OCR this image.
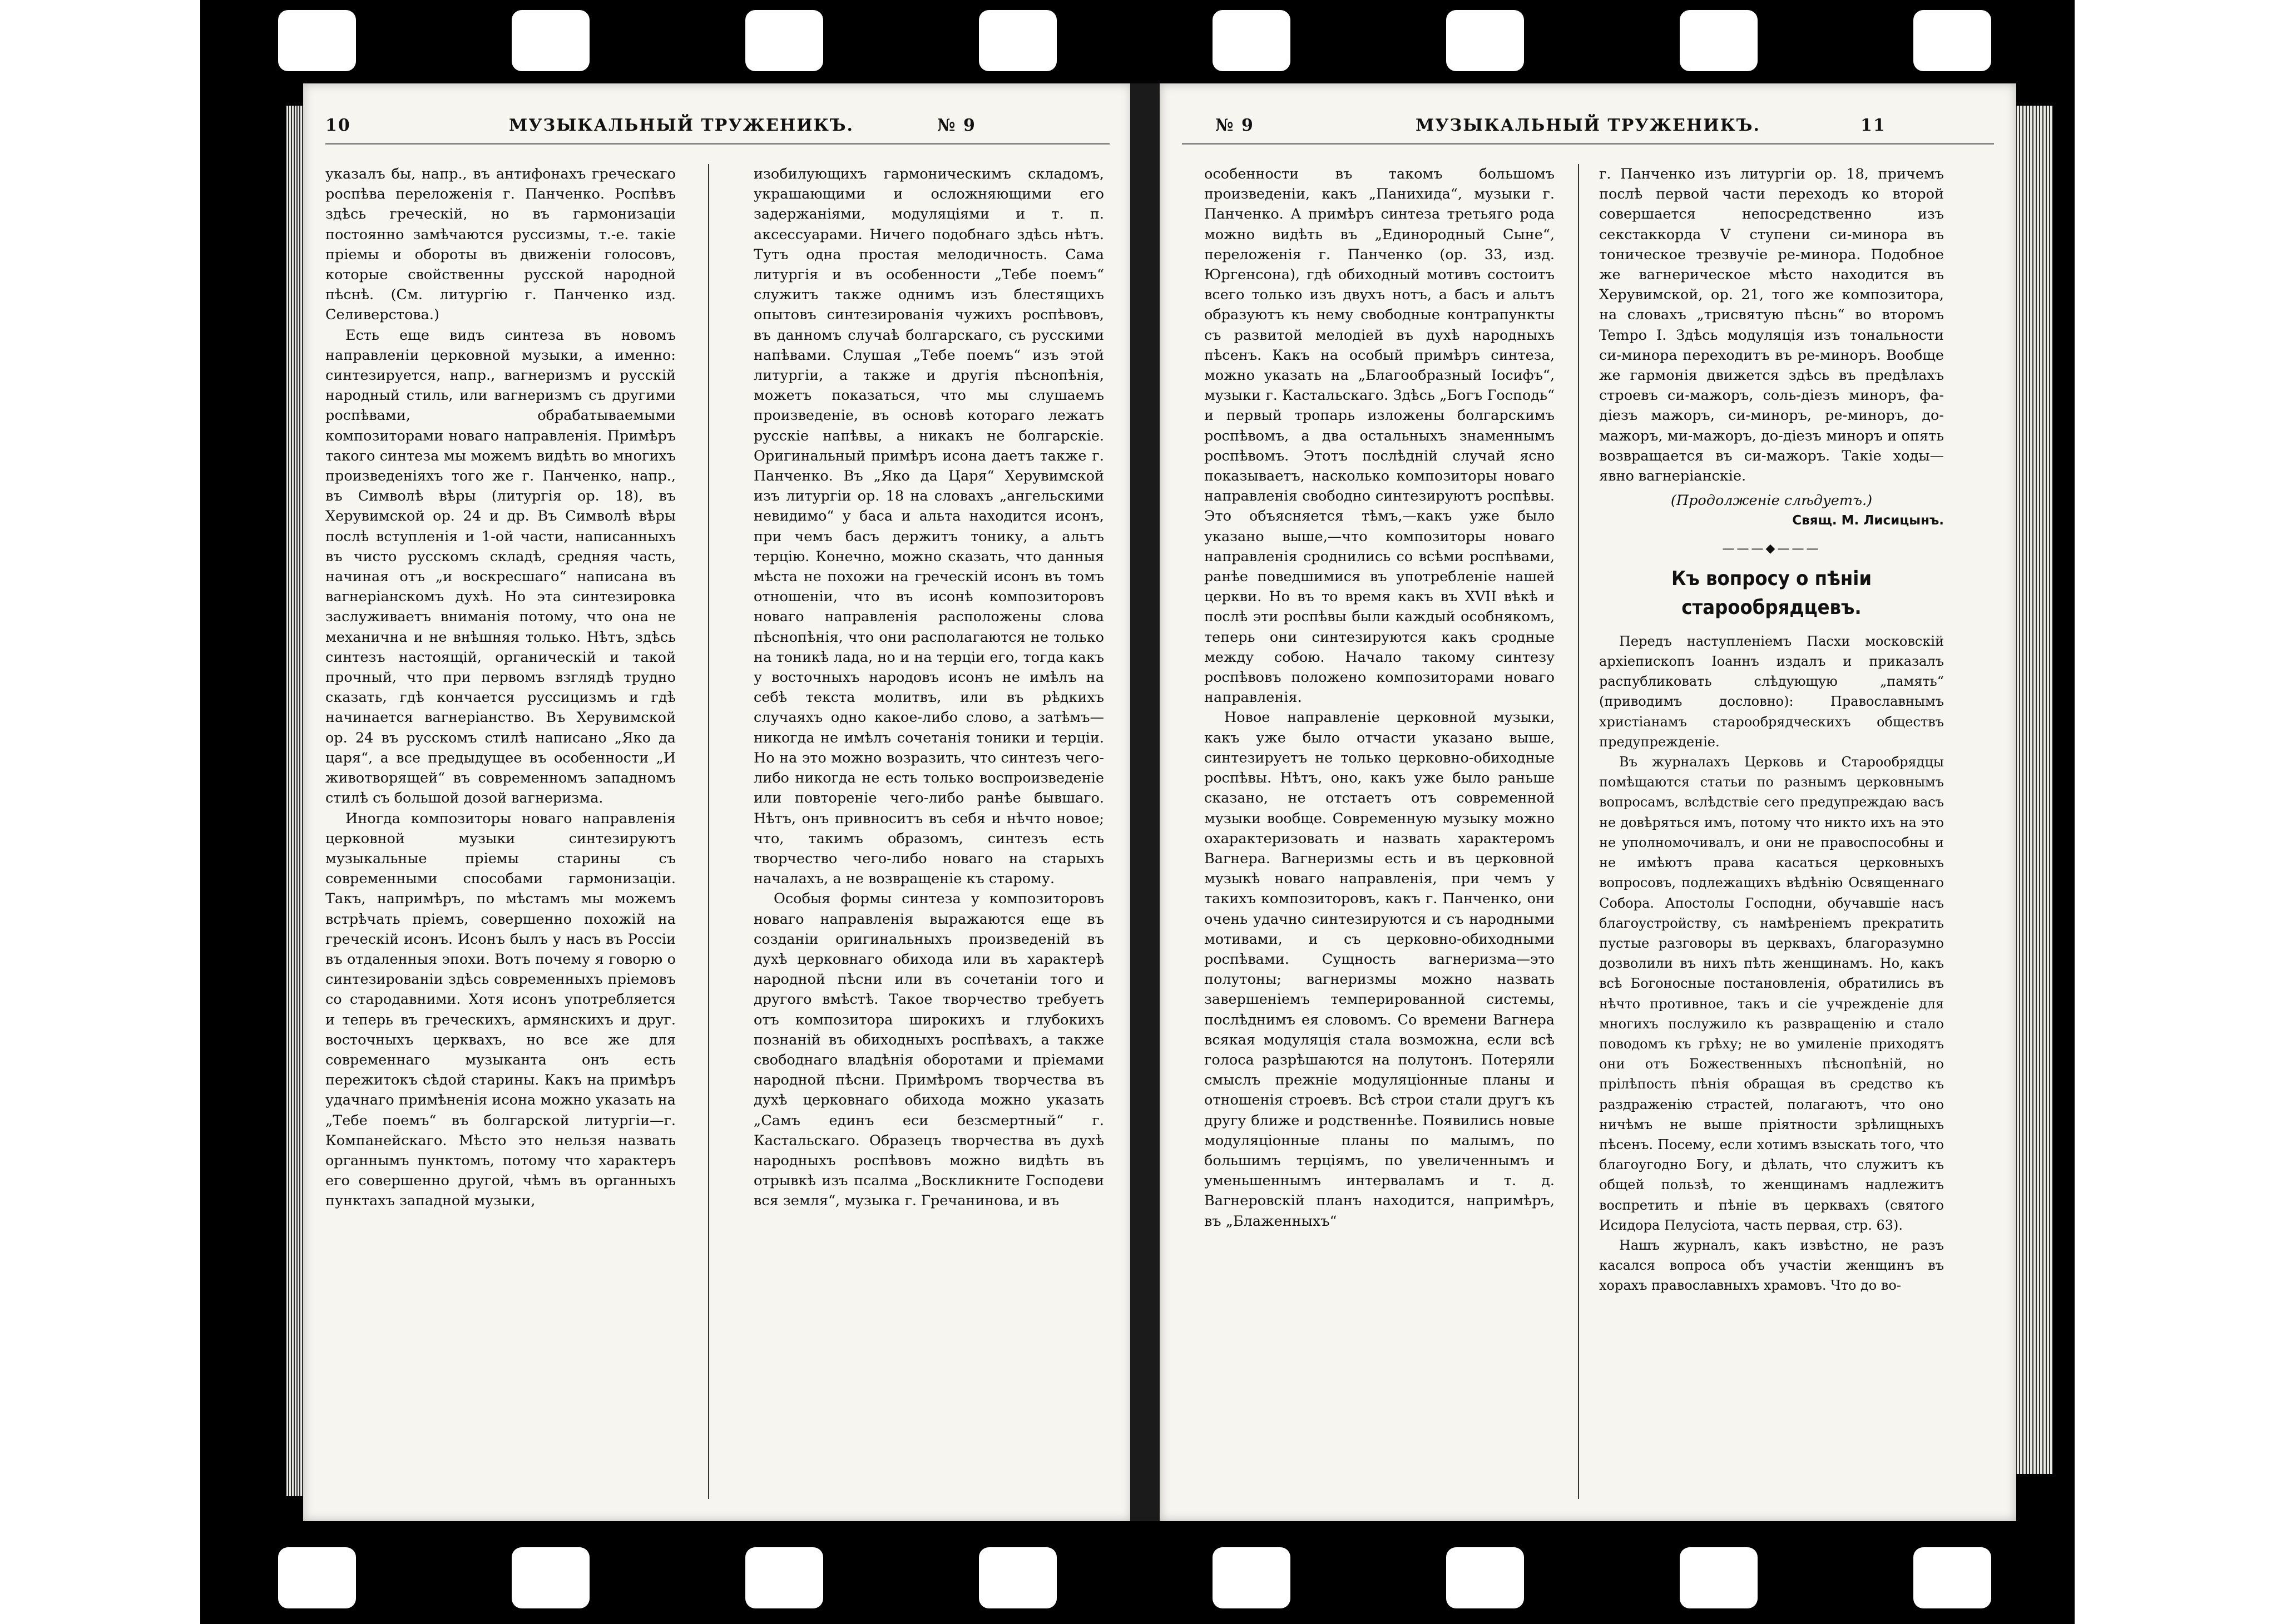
10	МУЗЫКАЛЬНЫЙ ТРУЖЕНИКЪ.	№ 9

указалъ бы, напр., въ антифонахъ греческаго роспѣва переложенія г. Панченко. Роспѣвъ здѣсь греческій, но въ гармонизаціи постоянно замѣчаются руссизмы, т.-е. такіе пріемы и обороты въ движеніи голосовъ, которые свойственны русской народной пѣснѣ. (См. литургію г. Панченко изд. Селиверстова.)

Есть еще видъ синтеза въ новомъ направленіи церковной музыки, а именно: синтезируется, напр., вагнеризмъ и русскій народный стиль, или вагнеризмъ съ другими роспѣвами, обрабатываемыми композиторами новаго направленія. Примѣръ такого синтеза мы можемъ видѣть во многихъ произведеніяхъ того же г. Панченко, напр., въ Символѣ вѣры (литургія ор. 18), въ Херувимской ор. 24 и др. Въ Символѣ вѣры послѣ вступленія и 1-ой части, написанныхъ въ чисто русскомъ складѣ, средняя часть, начиная отъ „и воскресшаго“ написана въ вагнеріанскомъ духѣ. Но эта синтезировка заслуживаетъ вниманія потому, что она не механична и не внѣшняя только. Нѣтъ, здѣсь синтезъ настоящій, органическій и такой прочный, что при первомъ взглядѣ трудно сказать, гдѣ кончается руссицизмъ и гдѣ начинается вагнеріанство. Въ Херувимской ор. 24 въ русскомъ стилѣ написано „Яко да царя“, а все предыдущее въ особенности „И животворящей“ въ современномъ западномъ стилѣ съ большой дозой вагнеризма.

Иногда композиторы новаго направленія церковной музыки синтезируютъ музыкальные пріемы старины съ современными способами гармонизаціи. Такъ, напримѣръ, по мѣстамъ мы можемъ встрѣчать пріемъ, совершенно похожій на греческій исонъ. Исонъ былъ у насъ въ Россіи въ отдаленныя эпохи. Вотъ почему я говорю о синтезированіи здѣсь современныхъ пріемовъ со стародавними. Хотя исонъ употребляется и теперь въ греческихъ, армянскихъ и друг. восточныхъ церквахъ, но все же для современнаго музыканта онъ есть пережитокъ сѣдой старины. Какъ на примѣръ удачнаго примѣненія исона можно указать на „Тебе поемъ“ въ болгарской литургіи—г. Компанейскаго. Мѣсто это нельзя назвать органнымъ пунктомъ, потому что характеръ его совершенно другой, чѣмъ въ органныхъ пунктахъ западной музыки,

изобилующихъ гармоническимъ складомъ, украшающими и осложняющими его задержаніями, модуляціями и т. п. аксессуарами. Ничего подобнаго здѣсь нѣтъ. Тутъ одна простая мелодичность. Сама литургія и въ особенности „Тебе поемъ“ служитъ также однимъ изъ блестящихъ опытовъ синтезированія чужихъ роспѣвовъ, въ данномъ случаѣ болгарскаго, съ русскими напѣвами. Слушая „Тебе поемъ“ изъ этой литургіи, а также и другія пѣснопѣнія, можетъ показаться, что мы слушаемъ произведеніе, въ основѣ котораго лежатъ русскіе напѣвы, а никакъ не болгарскіе. Оригинальный примѣръ исона даетъ также г. Панченко. Въ „Яко да Царя“ Херувимской изъ литургіи ор. 18 на словахъ „ангельскими невидимо“ у баса и альта находится исонъ, при чемъ басъ держитъ тонику, а альтъ терцію. Конечно, можно сказать, что данныя мѣста не похожи на греческій исонъ въ томъ отношеніи, что въ исонѣ композиторовъ новаго направленія расположены слова пѣснопѣнія, что они располагаются не только на тоникѣ лада, но и на терціи его, тогда какъ у восточныхъ народовъ исонъ не имѣлъ на себѣ текста молитвъ, или въ рѣдкихъ случаяхъ одно какое-либо слово, а затѣмъ—никогда не имѣлъ сочетанія тоники и терціи. Но на это можно возразить, что синтезъ чего-либо никогда не есть только воспроизведеніе или повтореніе чего-либо ранѣе бывшаго. Нѣтъ, онъ привноситъ въ себя и нѣчто новое; что, такимъ образомъ, синтезъ есть творчество чего-либо новаго на старыхъ началахъ, а не возвращеніе къ старому.

Особыя формы синтеза у композиторовъ новаго направленія выражаются еще въ созданіи оригинальныхъ произведеній въ духѣ церковнаго обихода или въ характерѣ народной пѣсни или въ сочетаніи того и другого вмѣстѣ. Такое творчество требуетъ отъ композитора широкихъ и глубокихъ познаній въ обиходныхъ роспѣвахъ, а также свободнаго владѣнія оборотами и пріемами народной пѣсни. Примѣромъ творчества въ духѣ церковнаго обихода можно указать „Самъ единъ еси безсмертный“ г. Кастальскаго. Образецъ творчества въ духѣ народныхъ роспѣвовъ можно видѣть въ отрывкѣ изъ псалма „Воскликните Господеви вся земля“, музыка г. Гречанинова, и въ

№ 9	МУЗЫКАЛЬНЫЙ ТРУЖЕНИКЪ.	11

особенности въ такомъ большомъ произведеніи, какъ „Панихида“, музыки г. Панченко. А примѣръ синтеза третьяго рода можно видѣть въ „Единородный Сыне“, переложенія г. Панченко (ор. 33, изд. Юргенсона), гдѣ обиходный мотивъ состоитъ всего только изъ двухъ нотъ, а басъ и альтъ образуютъ къ нему свободные контрапункты съ развитой мелодіей въ духѣ народныхъ пѣсенъ. Какъ на особый примѣръ синтеза, можно указать на „Благообразный Іосифъ“, музыки г. Кастальскаго. Здѣсь „Богъ Господь“ и первый тропарь изложены болгарскимъ роспѣвомъ, а два остальныхъ знаменнымъ роспѣвомъ. Этотъ послѣдній случай ясно показываетъ, насколько композиторы новаго направленія свободно синтезируютъ роспѣвы. Это объясняется тѣмъ,—какъ уже было указано выше,—что композиторы новаго направленія сроднились со всѣми роспѣвами, ранѣе поведшимися въ употребленіе нашей церкви. Но въ то время какъ въ XVII вѣкѣ и послѣ эти роспѣвы были каждый особнякомъ, теперь они синтезируются какъ сродные между собою. Начало такому синтезу роспѣвовъ положено композиторами новаго направленія.

Новое направленіе церковной музыки, какъ уже было отчасти указано выше, синтезируетъ не только церковно-обиходные роспѣвы. Нѣтъ, оно, какъ уже было раньше сказано, не отстаетъ отъ современной музыки вообще. Современную музыку можно охарактеризовать и назвать характеромъ Вагнера. Вагнеризмы есть и въ церковной музыкѣ новаго направленія, при чемъ у такихъ композиторовъ, какъ г. Панченко, они очень удачно синтезируются и съ народными мотивами, и съ церковно-обиходными роспѣвами. Сущность вагнеризма—это полутоны; вагнеризмы можно назвать завершеніемъ темперированной системы, послѣднимъ ея словомъ. Со времени Вагнера всякая модуляція стала возможна, если всѣ голоса разрѣшаются на полутонъ. Потеряли смыслъ прежніе модуляціонные планы и отношенія строевъ. Всѣ строи стали другъ къ другу ближе и родственнѣе. Появились новые модуляціонные планы по малымъ, по большимъ терціямъ, по увеличеннымъ и уменьшеннымъ интерваламъ и т. д. Вагнеровскій планъ находится, напримѣръ, въ „Блаженныхъ“

г. Панченко изъ литургіи ор. 18, причемъ послѣ первой части переходъ ко второй совершается непосредственно изъ секстаккорда V ступени си-минора въ тоническое трезвучіе ре-минора. Подобное же вагнерическое мѣсто находится въ Херувимской, ор. 21, того же композитора, на словахъ „трисвятую пѣснь“ во второмъ Tempo I. Здѣсь модуляція изъ тональности си-минора переходитъ въ ре-миноръ. Вообще же гармонія движется здѣсь въ предѣлахъ строевъ си-мажоръ, соль-діезъ миноръ, фа-діезъ мажоръ, си-миноръ, ре-миноръ, до-мажоръ, ми-мажоръ, до-діезъ миноръ и опять возвращается въ си-мажоръ. Такіе ходы—явно вагнеріанскіе.

(Продолженіе слѣдуетъ.)

Свящ. М. Лисицынъ.

———◆———

Къ вопросу о пѣніи старообрядцевъ.

Передъ наступленіемъ Пасхи московскій архіепископъ Іоаннъ издалъ и приказалъ распубликовать слѣдующую „память“ (приводимъ дословно): Православнымъ христіанамъ старообрядческихъ обществъ предупрежденіе.

Въ журналахъ Церковь и Старообрядцы помѣщаются статьи по разнымъ церковнымъ вопросамъ, вслѣдствіе сего предупреждаю васъ не довѣряться имъ, потому что никто ихъ на это не уполномочивалъ, и они не правоспособны и не имѣютъ права касаться церковныхъ вопросовъ, подлежащихъ вѣдѣнію Освященнаго Собора. Апостолы Господни, обучавшіе насъ благоустройству, съ намѣреніемъ прекратить пустые разговоры въ церквахъ, благоразумно дозволили въ нихъ пѣть женщинамъ. Но, какъ всѣ Богоносные постановленія, обратились въ нѣчто противное, такъ и сіе учрежденіе для многихъ послужило къ развращенію и стало поводомъ къ грѣху; не во умиленіе приходятъ они отъ Божественныхъ пѣснопѣній, но прілѣпость пѣнія обращая въ средство къ раздраженію страстей, полагаютъ, что оно ничѣмъ не выше пріятности зрѣлищныхъ пѣсенъ. Посему, если хотимъ взыскать того, что благоугодно Богу, и дѣлать, что служитъ къ общей пользѣ, то женщинамъ надлежитъ воспретить и пѣніе въ церквахъ (святого Исидора Пелусіота, часть первая, стр. 63).

Нашъ журналъ, какъ извѣстно, не разъ касался вопроса объ участіи женщинъ въ хорахъ православныхъ храмовъ. Что до во-
